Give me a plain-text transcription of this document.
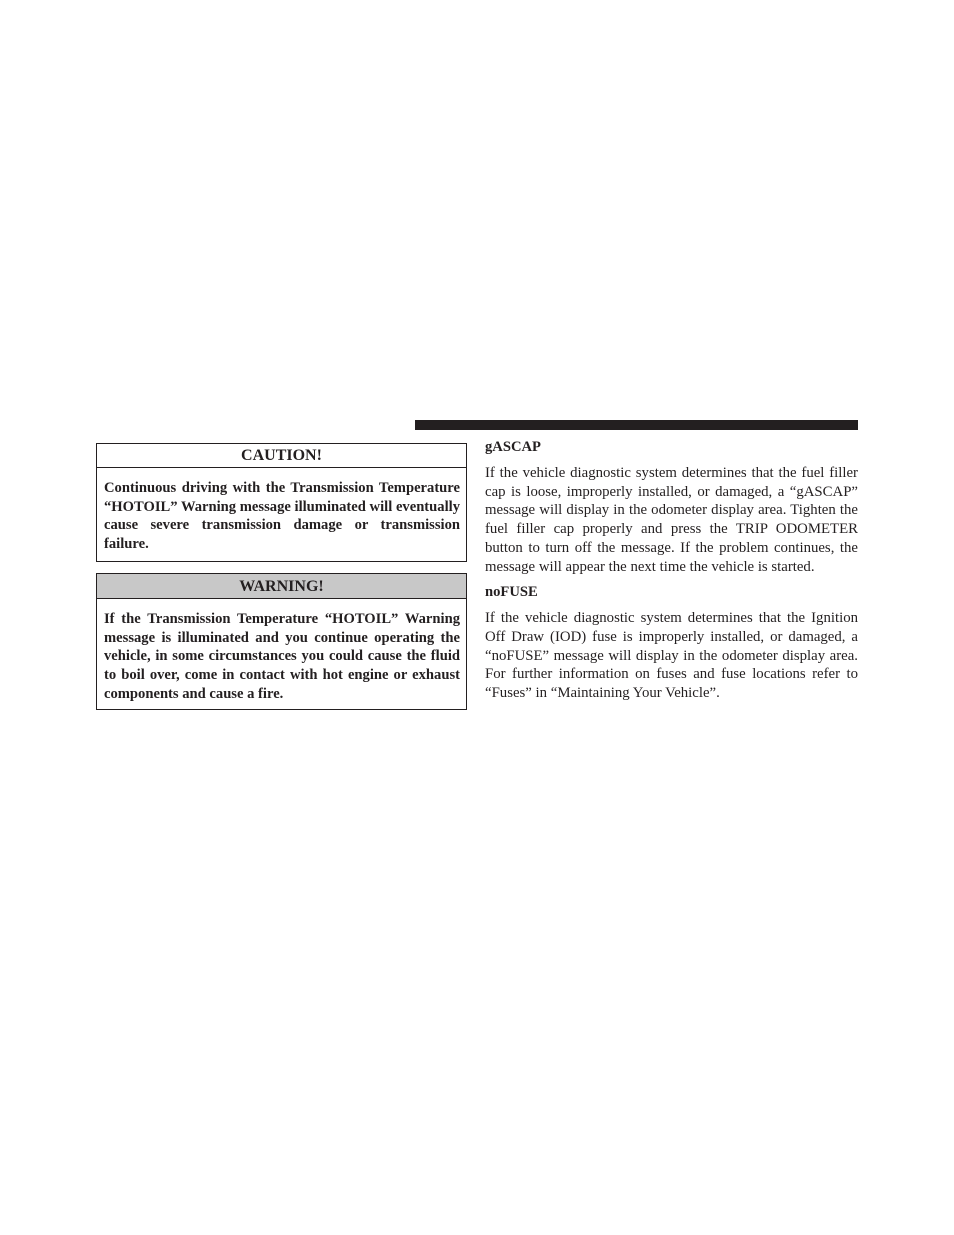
CAUTION!
Continuous driving with the Transmission Temperature “HOTOIL” Warning message illuminated will eventually cause severe transmission damage or transmission failure.
WARNING!
If the Transmission Temperature “HOTOIL” Warning message is illuminated and you continue operating the vehicle, in some circumstances you could cause the fluid to boil over, come in contact with hot engine or exhaust components and cause a fire.
gASCAP

If the vehicle diagnostic system determines that the fuel filler cap is loose, improperly installed, or damaged, a “gASCAP” message will display in the odometer display area. Tighten the fuel filler cap properly and press the TRIP ODOMETER button to turn off the message. If the problem continues, the message will appear the next time the vehicle is started.

noFUSE

If the vehicle diagnostic system determines that the Ignition Off Draw (IOD) fuse is improperly installed, or damaged, a “noFUSE” message will display in the odometer display area. For further information on fuses and fuse locations refer to “Fuses” in “Maintaining Your Vehicle”.
